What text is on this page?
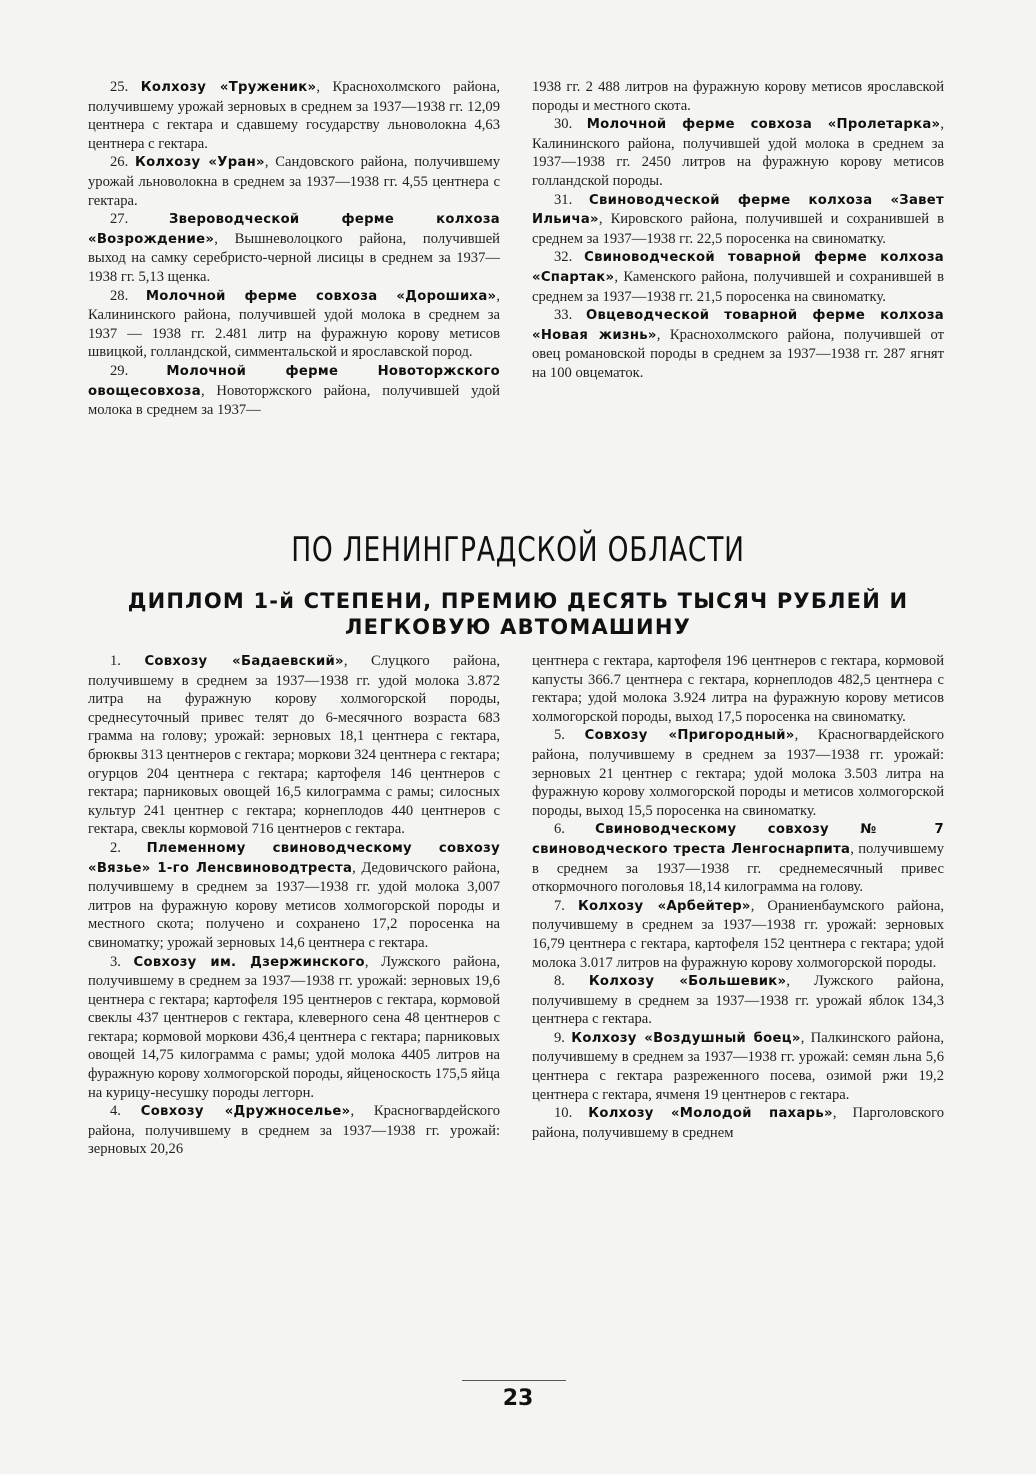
25. Колхозу «Труженик», Краснохолмского района, получившему урожай зерновых в среднем за 1937—1938 гг. 12,09 центнера с гектара и сдавшему государству льноволокна 4,63 центнера с гектара.

26. Колхозу «Уран», Сандовского района, получившему урожай льноволокна в среднем за 1937—1938 гг. 4,55 центнера с гектара.

27. Звероводческой ферме колхоза «Возрождение», Вышневолоцкого района, получившей выход на самку серебристо-черной лисицы в среднем за 1937—1938 гг. 5,13 щенка.

28. Молочной ферме совхоза «Дорошиха», Калининского района, получившей удой молока в среднем за 1937 — 1938 гг. 2.481 литр на фуражную корову метисов швицкой, голландской, симментальской и ярославской пород.

29. Молочной ферме Новоторжского овощесовхоза, Новоторжского района, получившей удой молока в среднем за 1937—

1938 гг. 2 488 литров на фуражную корову метисов ярославской породы и местного скота.

30. Молочной ферме совхоза «Пролетарка», Калининского района, получившей удой молока в среднем за 1937—1938 гг. 2450 литров на фуражную корову метисов голландской породы.

31. Свиноводческой ферме колхоза «Завет Ильича», Кировского района, получившей и сохранившей в среднем за 1937—1938 гг. 22,5 поросенка на свиноматку.

32. Свиноводческой товарной ферме колхоза «Спартак», Каменского района, получившей и сохранившей в среднем за 1937—1938 гг. 21,5 поросенка на свиноматку.

33. Овцеводческой товарной ферме колхоза «Новая жизнь», Краснохолмского района, получившей от овец романовской породы в среднем за 1937—1938 гг. 287 ягнят на 100 овцематок.

ПО ЛЕНИНГРАДСКОЙ ОБЛАСТИ
ДИПЛОМ 1-й СТЕПЕНИ, ПРЕМИЮ ДЕСЯТЬ ТЫСЯЧ РУБЛЕЙ И ЛЕГКОВУЮ АВТОМАШИНУ

1. Совхозу «Бадаевский», Слуцкого района, получившему в среднем за 1937—1938 гг. удой молока 3.872 литра на фуражную корову холмогорской породы, среднесуточный привес телят до 6-месячного возраста 683 грамма на голову; урожай: зерновых 18,1 центнера с гектара, брюквы 313 центнеров с гектара; моркови 324 центнера с гектара; огурцов 204 центнера с гектара; картофеля 146 центнеров с гектара; парниковых овощей 16,5 килограмма с рамы; силосных культур 241 центнер с гектара; корнеплодов 440 центнеров с гектара, свеклы кормовой 716 центнеров с гектара.

2. Племенному свиноводческому совхозу «Вязье» 1-го Ленсвиноводтреста, Дедовичского района, получившему в среднем за 1937—1938 гг. удой молока 3,007 литров на фуражную корову метисов холмогорской породы и местного скота; получено и сохранено 17,2 поросенка на свиноматку; урожай зерновых 14,6 центнера с гектара.

3. Совхозу им. Дзержинского, Лужского района, получившему в среднем за 1937—1938 гг. урожай: зерновых 19,6 центнера с гектара; картофеля 195 центнеров с гектара, кормовой свеклы 437 центнеров с гектара, клеверного сена 48 центнеров с гектара; кормовой моркови 436,4 центнера с гектара; парниковых овощей 14,75 килограмма с рамы; удой молока 4405 литров на фуражную корову холмогорской породы, яйценоскость 175,5 яйца на курицу-несушку породы леггорн.

4. Совхозу «Дружноселье», Красногвардейского района, получившему в среднем за 1937—1938 гг. урожай: зерновых 20,26

центнера с гектара, картофеля 196 центнеров с гектара, кормовой капусты 366.7 центнера с гектара, корнеплодов 482,5 центнера с гектара; удой молока 3.924 литра на фуражную корову метисов холмогорской породы, выход 17,5 поросенка на свиноматку.

5. Совхозу «Пригородный», Красногвардейского района, получившему в среднем за 1937—1938 гг. урожай: зерновых 21 центнер с гектара; удой молока 3.503 литра на фуражную корову холмогорской породы и метисов холмогорской породы, выход 15,5 поросенка на свиноматку.

6. Свиноводческому совхозу № 7 свиноводческого треста Ленгоснарпита, получившему в среднем за 1937—1938 гг. среднемесячный привес откормочного поголовья 18,14 килограмма на голову.

7. Колхозу «Арбейтер», Ораниенбаумского района, получившему в среднем за 1937—1938 гг. урожай: зерновых 16,79 центнера с гектара, картофеля 152 центнера с гектара; удой молока 3.017 литров на фуражную корову холмогорской породы.

8. Колхозу «Большевик», Лужского района, получившему в среднем за 1937—1938 гг. урожай яблок 134,3 центнера с гектара.

9. Колхозу «Воздушный боец», Палкинского района, получившему в среднем за 1937—1938 гг. урожай: семян льна 5,6 центнера с гектара разреженного посева, озимой ржи 19,2 центнера с гектара, ячменя 19 центнеров с гектара.

10. Колхозу «Молодой пахарь», Парголовского района, получившему в среднем

23
